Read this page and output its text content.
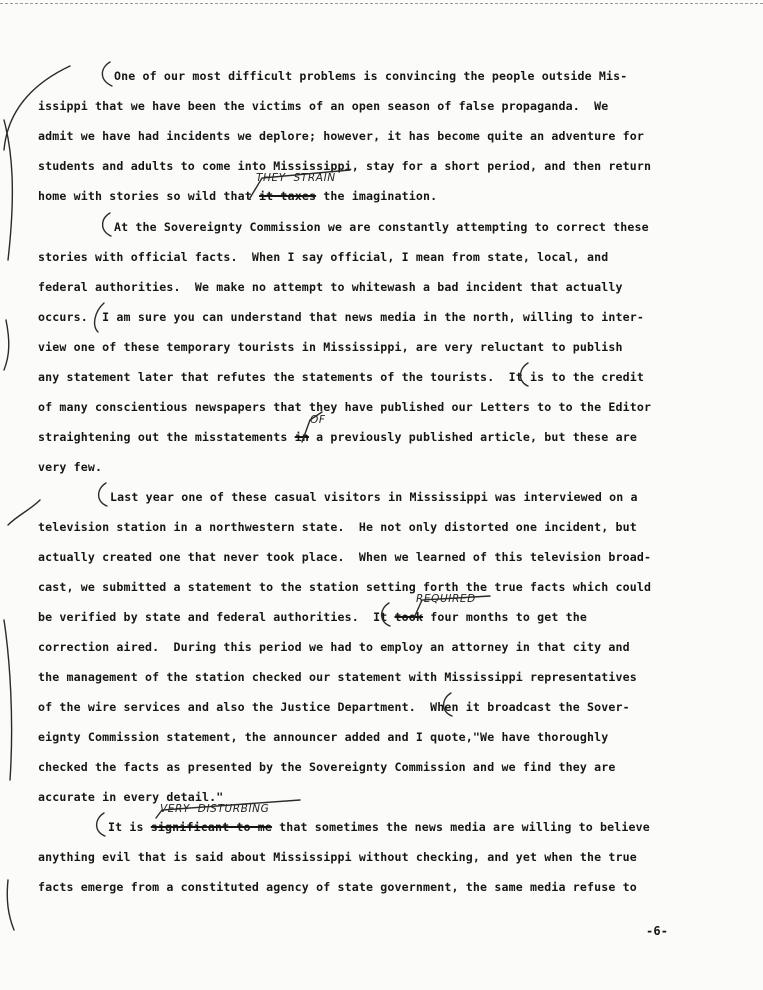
One of our most difficult problems is convincing the people outside Mis-
issippi that we have been the victims of an open season of false propaganda.  We
admit we have had incidents we deplore; however, it has become quite an adventure for
students and adults to come into Mississippi, stay for a short period, and then return
home with stories so wild that it taxes the imagination.
THEY  STRAIN
At the Sovereignty Commission we are constantly attempting to correct these
stories with official facts.  When I say official, I mean from state, local, and
federal authorities.  We make no attempt to whitewash a bad incident that actually
occurs.  I am sure you can understand that news media in the north, willing to inter-
view one of these temporary tourists in Mississippi, are very reluctant to publish
any statement later that refutes the statements of the tourists.  It is to the credit
of many conscientious newspapers that they have published our Letters to to the Editor
straightening out the misstatements in a previously published article, but these are
OF
very few.
Last year one of these casual visitors in Mississippi was interviewed on a
television station in a northwestern state.  He not only distorted one incident, but
actually created one that never took place.  When we learned of this television broad-
cast, we submitted a statement to the station setting forth the true facts which could
be verified by state and federal authorities.  It took four months to get the
REQUIRED
correction aired.  During this period we had to employ an attorney in that city and
the management of the station checked our statement with Mississippi representatives
of the wire services and also the Justice Department.  When it broadcast the Sover-
eignty Commission statement, the announcer added and I quote,"We have thoroughly
checked the facts as presented by the Sovereignty Commission and we find they are
accurate in every detail."
It is significant to me that sometimes the news media are willing to believe
VERY  DISTURBING
anything evil that is said about Mississippi without checking, and yet when the true
facts emerge from a constituted agency of state government, the same media refuse to
-6-
